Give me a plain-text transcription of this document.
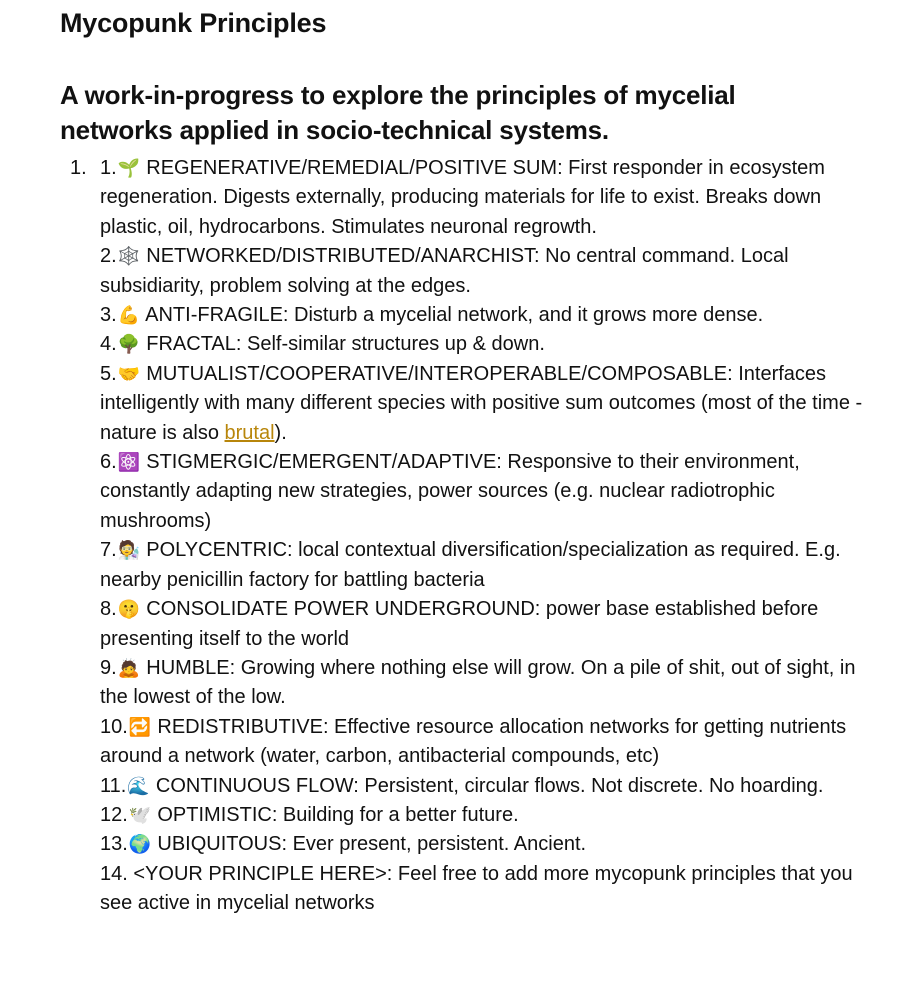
Mycopunk Principles
A work-in-progress to explore the principles of mycelial networks applied in socio-technical systems.
1. 1.🌱 REGENERATIVE/REMEDIAL/POSITIVE SUM: First responder in ecosystem regeneration. Digests externally, producing materials for life to exist. Breaks down plastic, oil, hydrocarbons. Stimulates neuronal regrowth.
2.🕸️ NETWORKED/DISTRIBUTED/ANARCHIST: No central command. Local subsidiarity, problem solving at the edges.
3.💪 ANTI-FRAGILE: Disturb a mycelial network, and it grows more dense.
4.🌳 FRACTAL: Self-similar structures up & down.
5.🤝 MUTUALIST/COOPERATIVE/INTEROPERABLE/COMPOSABLE: Interfaces intelligently with many different species with positive sum outcomes (most of the time - nature is also brutal).
6.⚛️ STIGMERGIC/EMERGENT/ADAPTIVE: Responsive to their environment, constantly adapting new strategies, power sources (e.g. nuclear radiotrophic mushrooms)
7.🧑‍🔬 POLYCENTRIC: local contextual diversification/specialization as required. E.g. nearby penicillin factory for battling bacteria
8.🤫 CONSOLIDATE POWER UNDERGROUND: power base established before presenting itself to the world
9.🙇 HUMBLE: Growing where nothing else will grow. On a pile of shit, out of sight, in the lowest of the low.
10.🔁 REDISTRIBUTIVE: Effective resource allocation networks for getting nutrients around a network (water, carbon, antibacterial compounds, etc)
11.🌊 CONTINUOUS FLOW: Persistent, circular flows. Not discrete. No hoarding.
12.🕊️ OPTIMISTIC: Building for a better future.
13.🌍 UBIQUITOUS: Ever present, persistent. Ancient.
14. <YOUR PRINCIPLE HERE>: Feel free to add more mycopunk principles that you see active in mycelial networks
